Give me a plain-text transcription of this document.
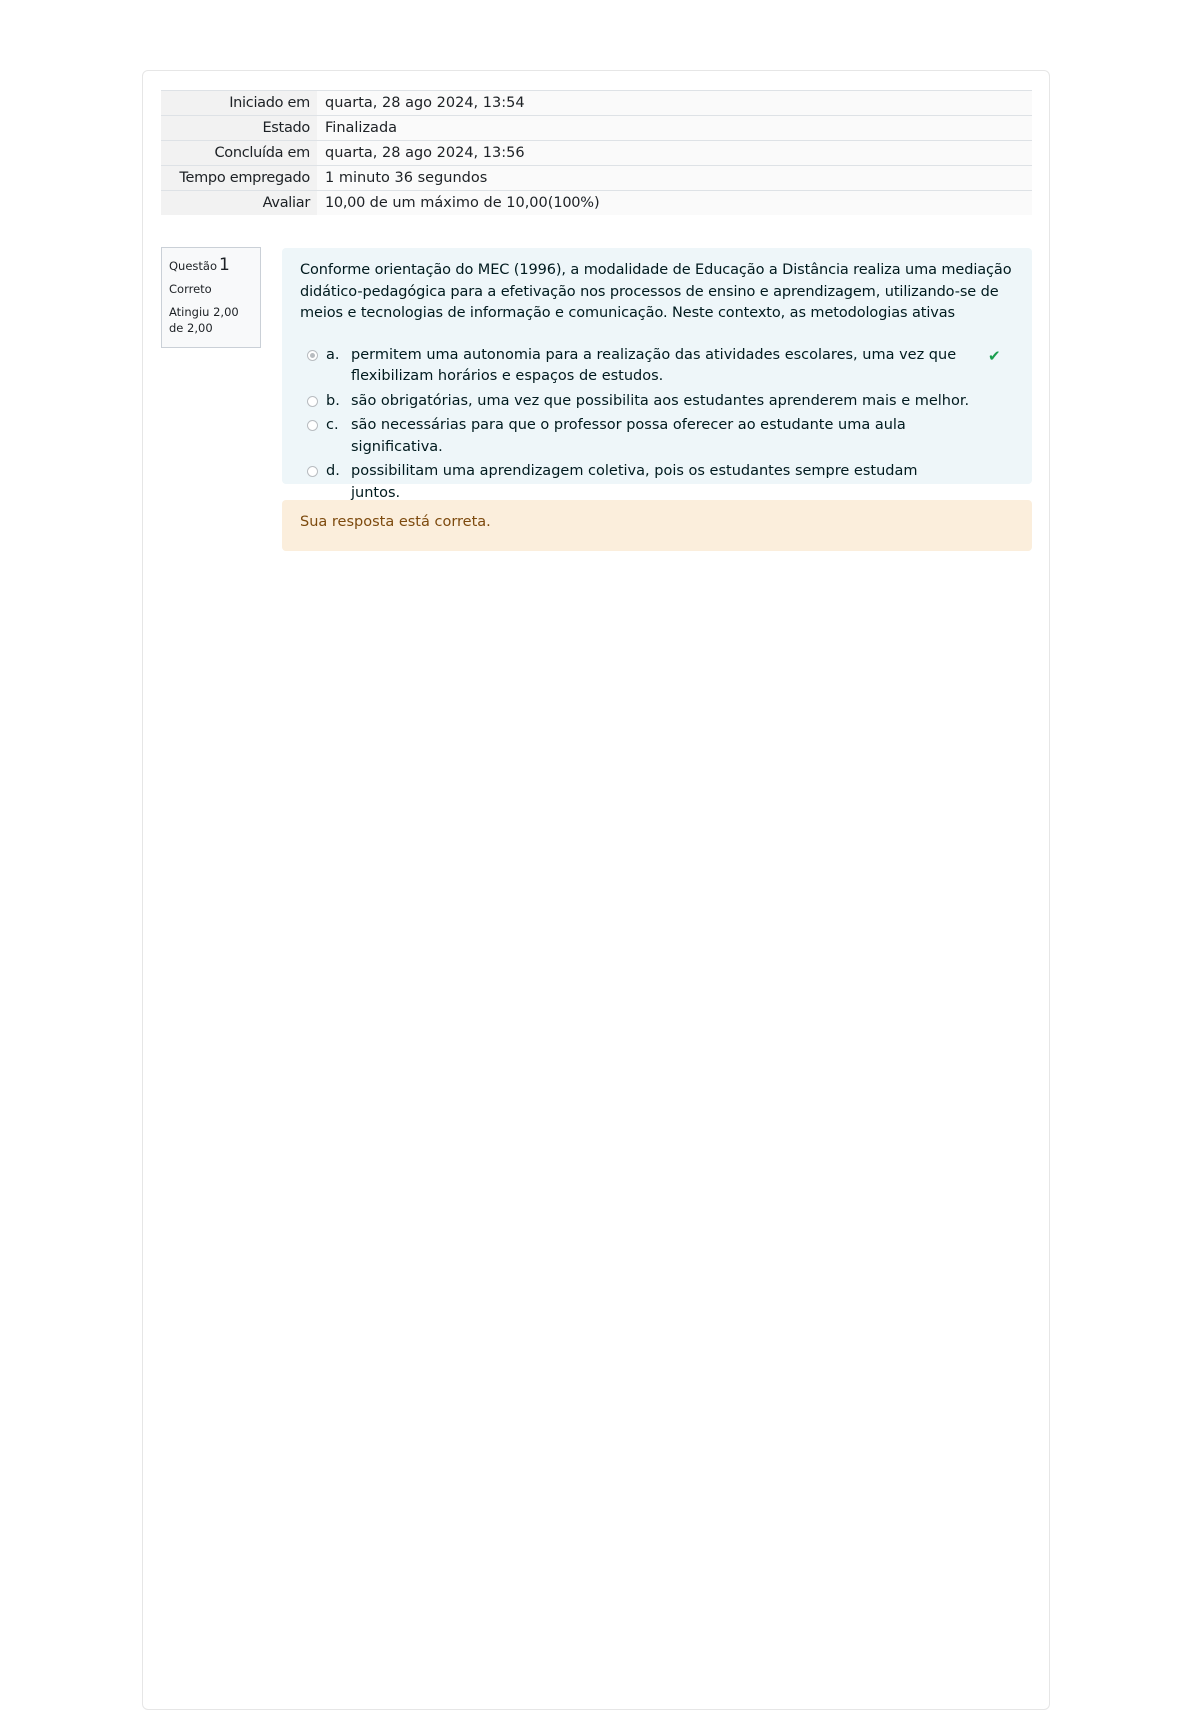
Iniciado em	quarta, 28 ago 2024, 13:54
Estado	Finalizada
Concluída em	quarta, 28 ago 2024, 13:56
Tempo empregado	1 minuto 36 segundos
Avaliar	10,00 de um máximo de 10,00(100%)
Questão 1
Correto
Atingiu 2,00 de 2,00
Conforme orientação do MEC (1996), a modalidade de Educação a Distância realiza uma mediação didático-pedagógica para a efetivação nos processos de ensino e aprendizagem, utilizando-se de meios e tecnologias de informação e comunicação. Neste contexto, as metodologias ativas
a. permitem uma autonomia para a realização das atividades escolares, uma vez que flexibilizam horários e espaços de estudos.
✔
b. são obrigatórias, uma vez que possibilita aos estudantes aprenderem mais e melhor.
c. são necessárias para que o professor possa oferecer ao estudante uma aula significativa.
d. possibilitam uma aprendizagem coletiva, pois os estudantes sempre estudam juntos.
Sua resposta está correta.
